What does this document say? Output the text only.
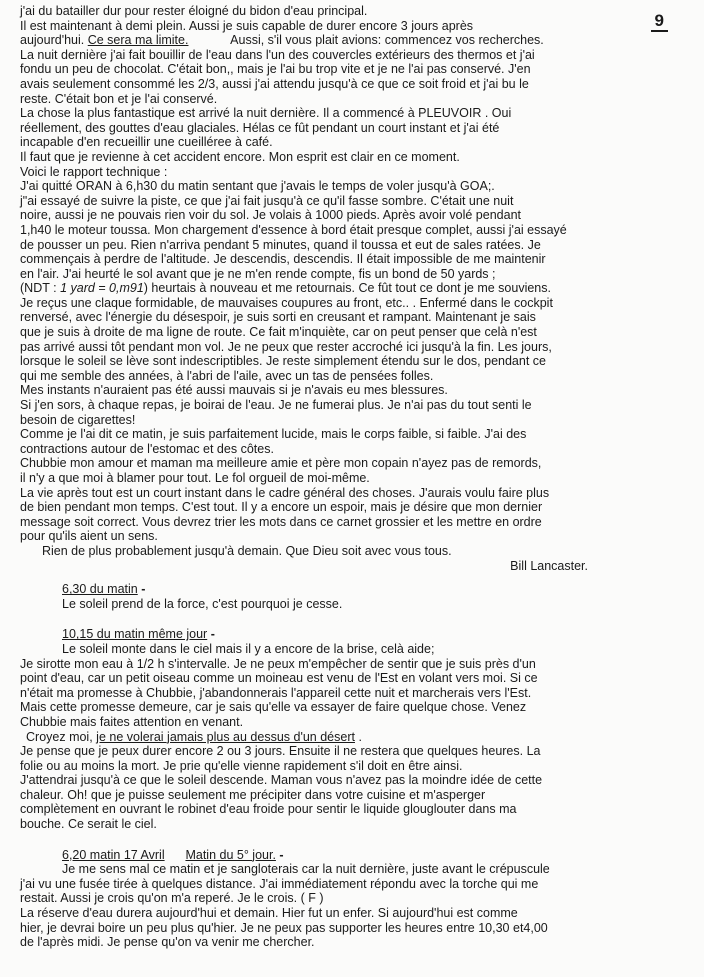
9
j'ai du batailler dur pour rester éloigné du bidon d'eau principal.
Il est maintenant à demi plein. Aussi je suis capable de durer encore 3 jours après
aujourd'hui. Ce sera ma limite.	Aussi, s'il vous plait avions: commencez vos recherches.
La nuit dernière j'ai fait bouillir de l'eau dans l'un des couvercles extérieurs des thermos et j'ai
fondu un peu de chocolat. C'était bon,, mais je l'ai bu trop vite et je ne l'ai pas conservé. J'en
avais seulement consommé les 2/3, aussi j'ai attendu jusqu'à ce que ce soit froid et j'ai bu le
reste. C'était bon et je l'ai conservé.
La chose la plus fantastique est arrivé la nuit dernière. Il a commencé à PLEUVOIR . Oui
réellement, des gouttes d'eau glaciales. Hélas ce fût pendant un court instant et j'ai été
incapable d'en recueillir une cueilléree à café.
Il faut que je revienne à cet accident encore. Mon esprit est clair en ce moment.
Voici le rapport technique :
J'ai quitté ORAN à 6,h30 du matin sentant que j'avais le temps de voler jusqu'à GOA;.
j"ai essayé de suivre la piste, ce que j'ai fait jusqu'à ce qu'il fasse sombre. C'était une nuit
noire, aussi je ne pouvais rien voir du sol. Je volais à 1000 pieds. Après avoir volé pendant
1,h40 le moteur toussa. Mon chargement d'essence à bord était presque complet, aussi j'ai essayé
de pousser un peu. Rien n'arriva pendant 5 minutes, quand il toussa et eut de sales ratées. Je
commençais à perdre de l'altitude. Je descendis, descendis. Il était impossible de me maintenir
en l'air. J'ai heurté le sol avant que je ne m'en rende compte, fis un bond de 50 yards ;
(NDT : 1 yard = 0,m91) heurtais à nouveau et me retournais. Ce fût tout ce dont je me souviens.
Je reçus une claque formidable, de mauvaises coupures au front, etc.. . Enfermé dans le cockpit
renversé, avec l'énergie du désespoir, je suis sorti en creusant et rampant. Maintenant je sais
que je suis à droite de ma ligne de route. Ce fait m'inquiète, car on peut penser que celà n'est
pas arrivé aussi tôt pendant mon vol. Je ne peux que rester accroché ici jusqu'à la fin. Les jours,
lorsque le soleil se lève sont indescriptibles. Je reste simplement étendu sur le dos, pendant ce
qui me semble des années, à l'abri de l'aile, avec un tas de pensées folles.
Mes instants n'auraient pas été aussi mauvais si je n'avais eu mes blessures.
Si j'en sors, à chaque repas, je boirai de l'eau. Je ne fumerai plus. Je n'ai pas du tout senti le
besoin de cigarettes!
Comme je l'ai dit ce matin, je suis parfaitement lucide, mais le corps faible, si faible. J'ai des
contractions autour de l'estomac et des côtes.
Chubbie mon amour et maman ma meilleure amie et père mon copain n'ayez pas de remords,
il n'y a que moi à blamer pour tout. Le fol orgueil de moi-même.
La vie après tout est un court instant dans le cadre général des choses. J'aurais voulu faire plus
de bien pendant mon temps. C'est tout. Il y a encore un espoir, mais je désire que mon dernier
message soit correct. Vous devrez trier les mots dans ce carnet grossier et les mettre en ordre
pour qu'ils aient un sens.
Rien de plus probablement jusqu'à demain. Que Dieu soit avec vous tous.
Bill Lancaster.
6,30 du matin -
Le soleil prend de la force, c'est pourquoi je cesse.
10,15 du matin même jour -
Le soleil monte dans le ciel mais il y a encore de la brise, celà aide;
Je sirotte mon eau à 1/2 h s'intervalle. Je ne peux m'empêcher de sentir que je suis près d'un
point d'eau, car un petit oiseau comme un moineau est venu de l'Est en volant vers moi. Si ce
n'était ma promesse à Chubbie, j'abandonnerais l'appareil cette nuit et marcherais vers l'Est.
Mais cette promesse demeure, car je sais qu'elle va essayer de faire quelque chose. Venez
Chubbie mais faites attention en venant.
Croyez moi, je ne volerai jamais plus au dessus d'un désert .
Je pense que je peux durer encore 2 ou 3 jours. Ensuite il ne restera que quelques heures. La
folie ou au moins la mort. Je prie qu'elle vienne rapidement s'il doit en être ainsi.
J'attendrai jusqu'à ce que le soleil descende. Maman vous n'avez pas la moindre idée de cette
chaleur. Oh! que je puisse seulement me précipiter dans votre cuisine et m'asperger
complètement en ouvrant le robinet d'eau froide pour sentir le liquide glouglouter dans ma
bouche. Ce serait le ciel.
6,20 matin 17 Avril Matin du 5° jour. -
Je me sens mal ce matin et je sangloterais car la nuit dernière, juste avant le crépuscule
j'ai vu une fusée tirée à quelques distance. J'ai immédiatement répondu avec la torche qui me
restait. Aussi je crois qu'on m'a reperé. Je le crois. ( F )
La réserve d'eau durera aujourd'hui et demain. Hier fut un enfer. Si aujourd'hui est comme
hier, je devrai boire un peu plus qu'hier. Je ne peux pas supporter les heures entre 10,30 et4,00
de l'après midi. Je pense qu'on va venir me chercher.
